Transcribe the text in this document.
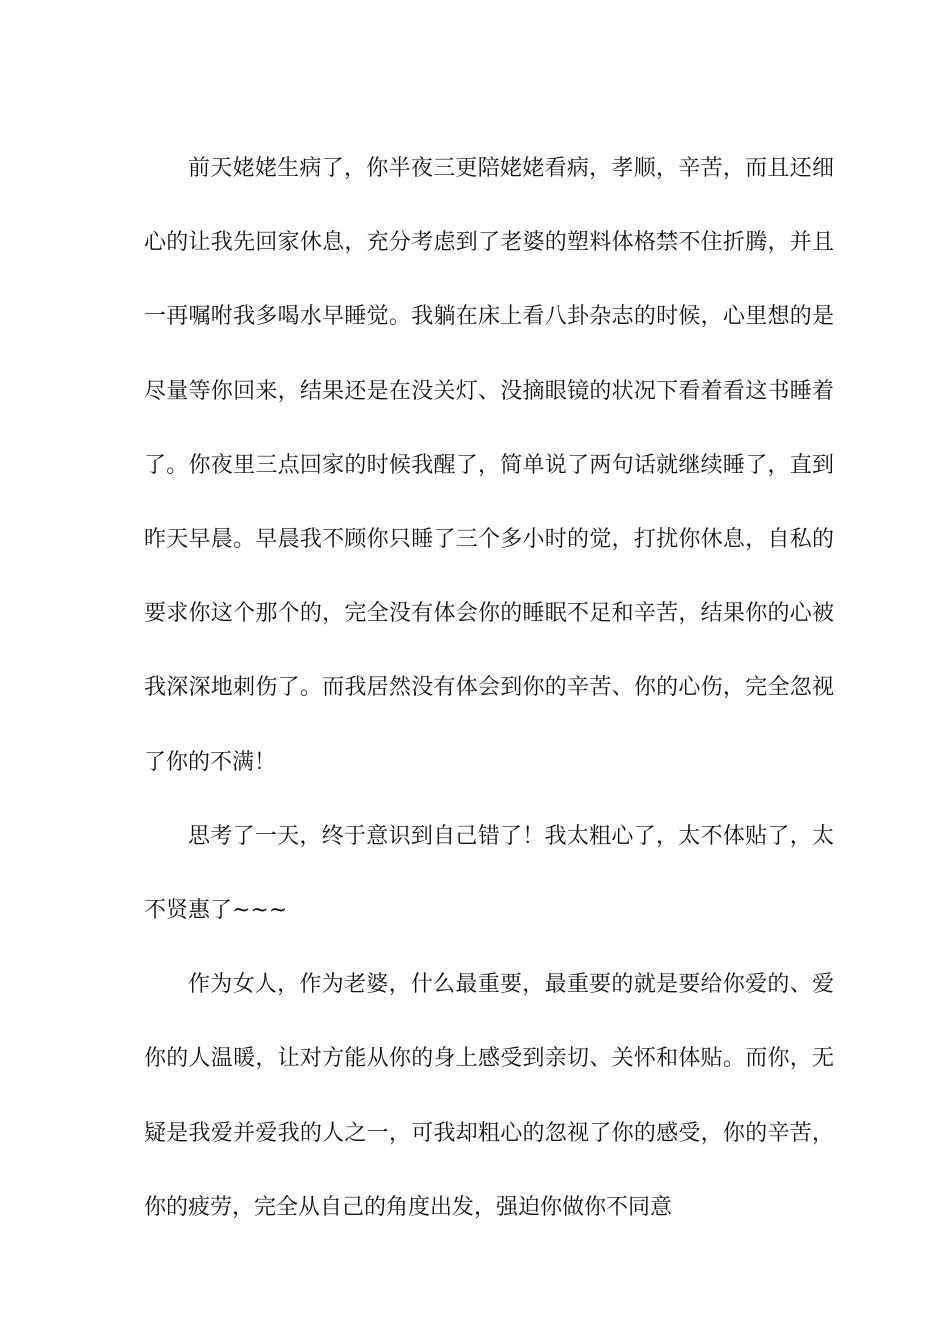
前天姥姥生病了，你半夜三更陪姥姥看病，孝顺，辛苦，而且还细心的让我先回家休息，充分考虑到了老婆的塑料体格禁不住折腾，并且一再嘱咐我多喝水早睡觉。我躺在床上看八卦杂志的时候，心里想的是尽量等你回来，结果还是在没关灯、没摘眼镜的状况下看着看这书睡着了。你夜里三点回家的时候我醒了，简单说了两句话就继续睡了，直到昨天早晨。早晨我不顾你只睡了三个多小时的觉，打扰你休息，自私的要求你这个那个的，完全没有体会你的睡眠不足和辛苦，结果你的心被我深深地刺伤了。而我居然没有体会到你的辛苦、你的心伤，完全忽视了你的不满！

思考了一天，终于意识到自己错了！我太粗心了，太不体贴了，太不贤惠了~~~

作为女人，作为老婆，什么最重要，最重要的就是要给你爱的、爱你的人温暖，让对方能从你的身上感受到亲切、关怀和体贴。而你，无疑是我爱并爱我的人之一，可我却粗心的忽视了你的感受，你的辛苦，你的疲劳，完全从自己的角度出发，强迫你做你不同意
